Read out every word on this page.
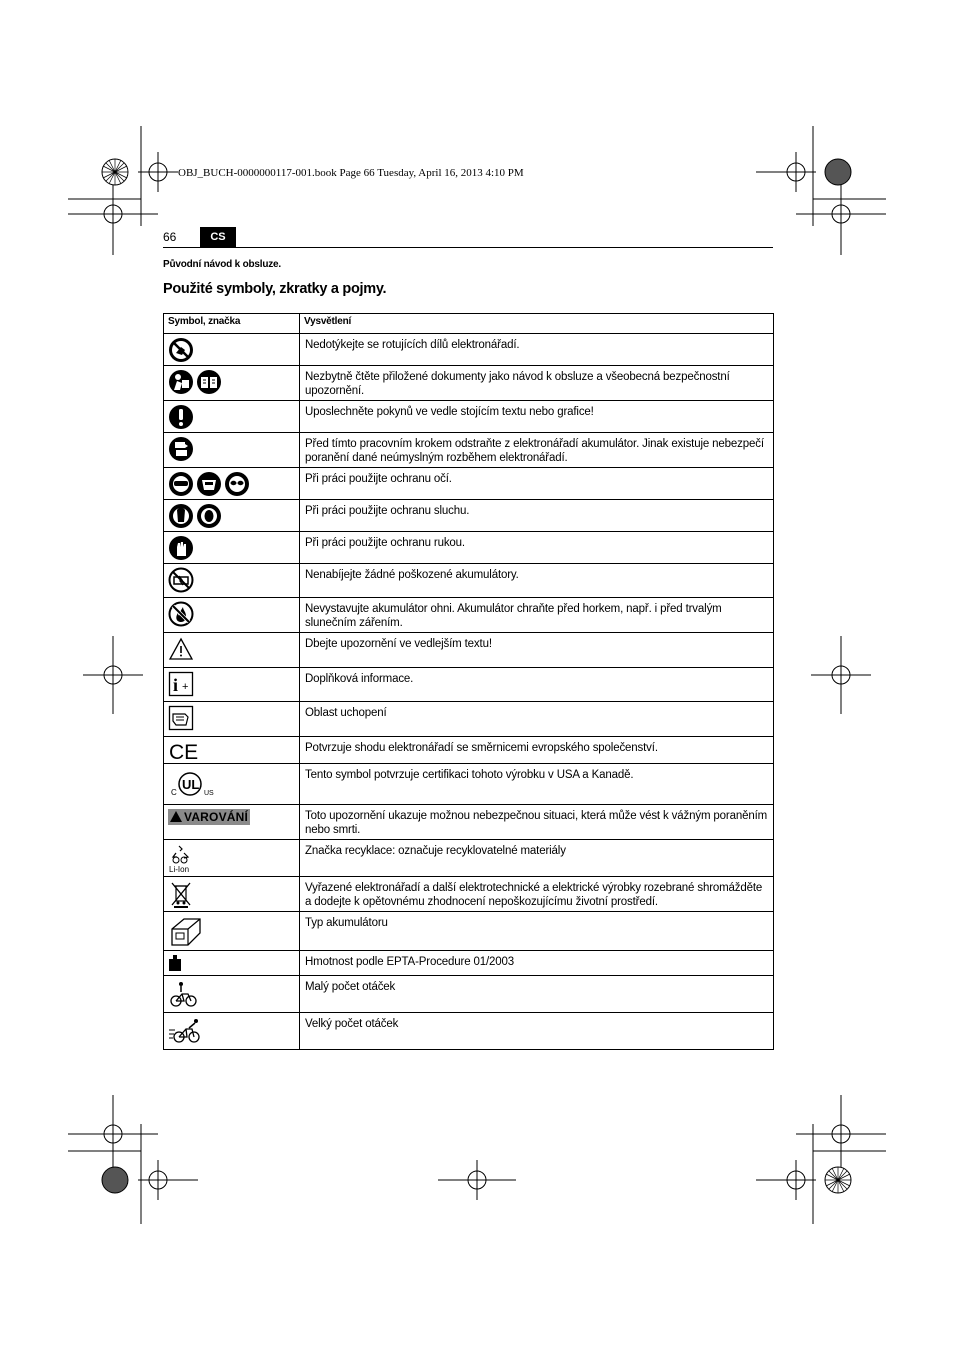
OBJ_BUCH-0000000117-001.book Page 66 Tuesday, April 16, 2013 4:10 PM
66	CS
Původní návod k obsluze.
Použité symboly, zkratky a pojmy.
Symbol, značka	Vysvětlení
	Nedotýkejte se rotujících dílů elektronářadí.
	Nezbytně čtěte přiložené dokumenty jako návod k obsluze a všeobecná bezpečnostní upozornění.
	Uposlechněte pokynů ve vedle stojícím textu nebo grafice!
	Před tímto pracovním krokem odstraňte z elektronářadí akumulátor. Jinak existuje nebezpečí poranění dané neúmyslným rozběhem elektronářadí.
	Při práci použijte ochranu očí.
	Při práci použijte ochranu sluchu.
	Při práci použijte ochranu rukou.
	Nenabíjejte žádné poškozené akumulátory.
	Nevystavujte akumulátor ohni. Akumulátor chraňte před horkem, např. i před trvalým slunečním zářením.
	Dbejte upozornění ve vedlejším textu!

i +	Doplňková informace.
	Oblast uchopení

CE	Potvrzuje shodu elektronářadí se směrnicemi evropského společenství.

C
UL
US	Tento symbol potvrzuje certifikaci tohoto výrobku v USA a Kanadě.
VAROVÁNÍ	Toto upozornění ukazuje možnou nebezpečnou situaci, která může vést k vážným poraněním nebo smrti.

Li-Ion	Značka recyklace: označuje recyklovatelné materiály
	Vyřazené elektronářadí a další elektrotechnické a elektrické výrobky rozebrané shromážděte a dodejte k opětovnému zhodnocení nepoškozujícímu životní prostředí.
	Typ akumulátoru
	Hmotnost podle EPTA-Procedure 01/2003
	Malý počet otáček
	Velký počet otáček
